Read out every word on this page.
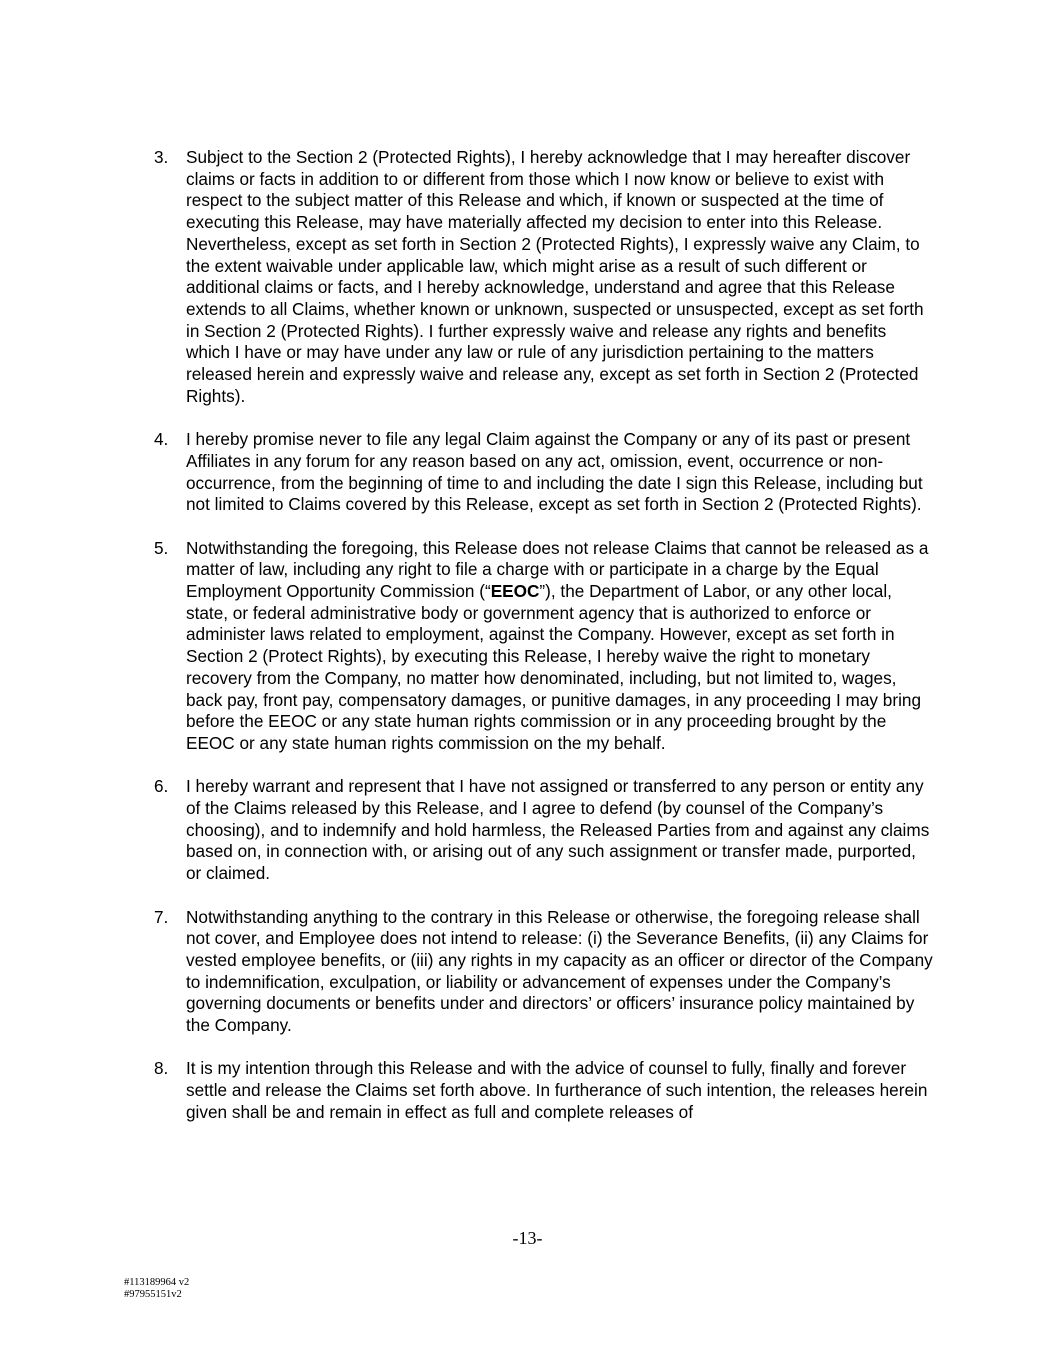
3.	Subject to the Section 2 (Protected Rights), I hereby acknowledge that I may hereafter discover claims or facts in addition to or different from those which I now know or believe to exist with respect to the subject matter of this Release and which, if known or suspected at the time of executing this Release, may have materially affected my decision to enter into this Release. Nevertheless, except as set forth in Section 2 (Protected Rights), I expressly waive any Claim, to the extent waivable under applicable law, which might arise as a result of such different or additional claims or facts, and I hereby acknowledge, understand and agree that this Release extends to all Claims, whether known or unknown, suspected or unsuspected, except as set forth in Section 2 (Protected Rights). I further expressly waive and release any rights and benefits which I have or may have under any law or rule of any jurisdiction pertaining to the matters released herein and expressly waive and release any, except as set forth in Section 2 (Protected Rights).
4.	I hereby promise never to file any legal Claim against the Company or any of its past or present Affiliates in any forum for any reason based on any act, omission, event, occurrence or non-occurrence, from the beginning of time to and including the date I sign this Release, including but not limited to Claims covered by this Release, except as set forth in Section 2 (Protected Rights).
5.	Notwithstanding the foregoing, this Release does not release Claims that cannot be released as a matter of law, including any right to file a charge with or participate in a charge by the Equal Employment Opportunity Commission (“EEOC”), the Department of Labor, or any other local, state, or federal administrative body or government agency that is authorized to enforce or administer laws related to employment, against the Company. However, except as set forth in Section 2 (Protect Rights), by executing this Release, I hereby waive the right to monetary recovery from the Company, no matter how denominated, including, but not limited to, wages, back pay, front pay, compensatory damages, or punitive damages, in any proceeding I may bring before the EEOC or any state human rights commission or in any proceeding brought by the EEOC or any state human rights commission on the my behalf.
6.	I hereby warrant and represent that I have not assigned or transferred to any person or entity any of the Claims released by this Release, and I agree to defend (by counsel of the Company’s choosing), and to indemnify and hold harmless, the Released Parties from and against any claims based on, in connection with, or arising out of any such assignment or transfer made, purported, or claimed.
7.	Notwithstanding anything to the contrary in this Release or otherwise, the foregoing release shall not cover, and Employee does not intend to release: (i) the Severance Benefits, (ii) any Claims for vested employee benefits, or (iii) any rights in my capacity as an officer or director of the Company to indemnification, exculpation, or liability or advancement of expenses under the Company’s governing documents or benefits under and directors’ or officers’ insurance policy maintained by the Company.
8.	It is my intention through this Release and with the advice of counsel to fully, finally and forever settle and release the Claims set forth above. In furtherance of such intention, the releases herein given shall be and remain in effect as full and complete releases of
-13-
#113189964 v2
#97955151v2
